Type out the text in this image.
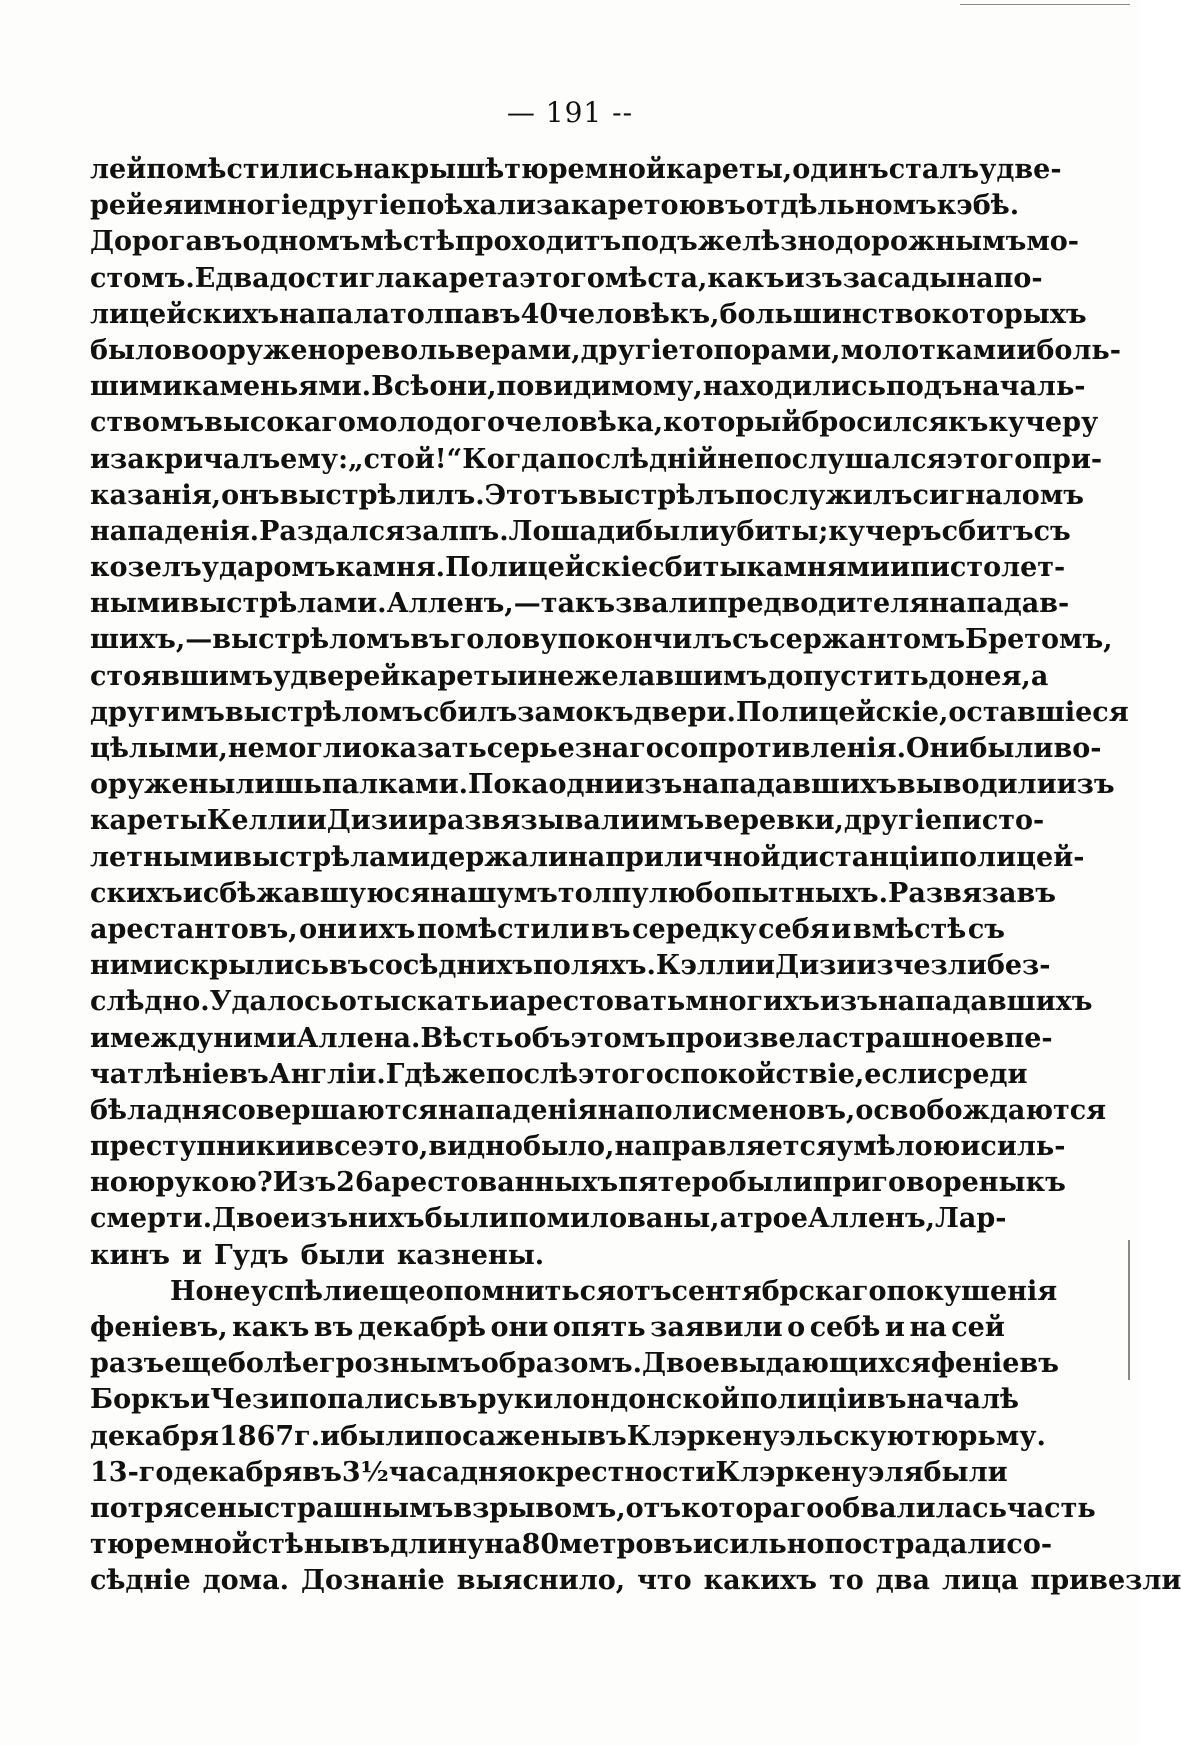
— 191 --
лей помѣстились на крышѣ тюремной кареты, одинъ сталъ у две-
рей ея и многіе другіе поѣхали за каретою въ отдѣльномъ кэбѣ.
Дорога въ одномъ мѣстѣ проходитъ подъ желѣзнодорожнымъ мо-
стомъ. Едва достигла карета этого мѣста, какъ изъ засады на по-
лицейскихъ напала толпа въ 40 человѣкъ, большинство которыхъ
было вооружено револьверами, другіе топорами, молотками и боль-
шими каменьями. Всѣ они, повидимому, находились подъ началь-
ствомъ высокаго молодого человѣка, который бросился къ кучеру
и закричалъ ему: „стой!“ Когда послѣдній не послушался этого при-
казанія, онъ выстрѣлилъ. Этотъ выстрѣлъ послужилъ сигналомъ
нападенія. Раздался залпъ. Лошади были убиты; кучеръ сбитъ съ
козелъ ударомъ камня. Полицейскіе сбиты камнями и пистолет-
ными выстрѣлами. Алленъ,—такъ звали предводителя нападав-
шихъ,— выстрѣломъ въ голову покончилъ съ сержантомъ Бретомъ,
стоявшимъ у дверей кареты и не желавшимъ допустить до нея, а
другимъ выстрѣломъ сбилъ замокъ двери. Полицейскіе, оставшіеся
цѣлыми, не могли оказать серьезнаго сопротивленія. Они были во-
оружены лишь палками. Пока одни изъ нападавшихъ выводили изъ
кареты Келли и Дизи и развязывали имъ веревки, другіе писто-
летными выстрѣлами держали на приличной дистанціи полицей-
скихъ и сбѣжавшуюся на шумъ толпу любопытныхъ. Развязавъ
арестантовъ, они ихъ помѣстили въ середку себя и вмѣстѣ съ
ними скрылись въ сосѣднихъ поляхъ. Кэлли и Дизи изчезли без-
слѣдно. Удалось отыскать и арестовать многихъ изъ нападавшихъ
и между ними Аллена. Вѣсть объ этомъ произвела страшное впе-
чатлѣніе въ Англіи. Гдѣ же послѣ этого спокойствіе, если среди
бѣла дня совершаются нападенія на полисменовъ, освобождаются
преступники и все это, видно было, направляется умѣлою и силь-
ною рукою? Изъ 26 арестованныхъ пятеро были приговорены къ
смерти. Двое изъ нихъ были помилованы, а трое Алленъ, Лар-
кинъ и Гудъ были казнены.
Но не успѣли еще опомниться отъ сентябрскаго покушенія
феніевъ, какъ въ декабрѣ они опять заявили о себѣ и на сей
разъ еще болѣе грознымъ образомъ. Двое выдающихся феніевъ
Боркъ и Чези попались въ руки лондонской полиціи въ началѣ
декабря 1867 г. и были посажены въ Клэркенуэльскую тюрьму.
13-го декабря въ 3½ часа дня окрестности Клэркенуэля были
потрясены страшнымъ взрывомъ, отъ котораго обвалилась часть
тюремной стѣны въ длину на 80 метровъ и сильно пострадали со-
сѣдніе дома. Дознаніе выяснило, что какихъ то два лица привезли
